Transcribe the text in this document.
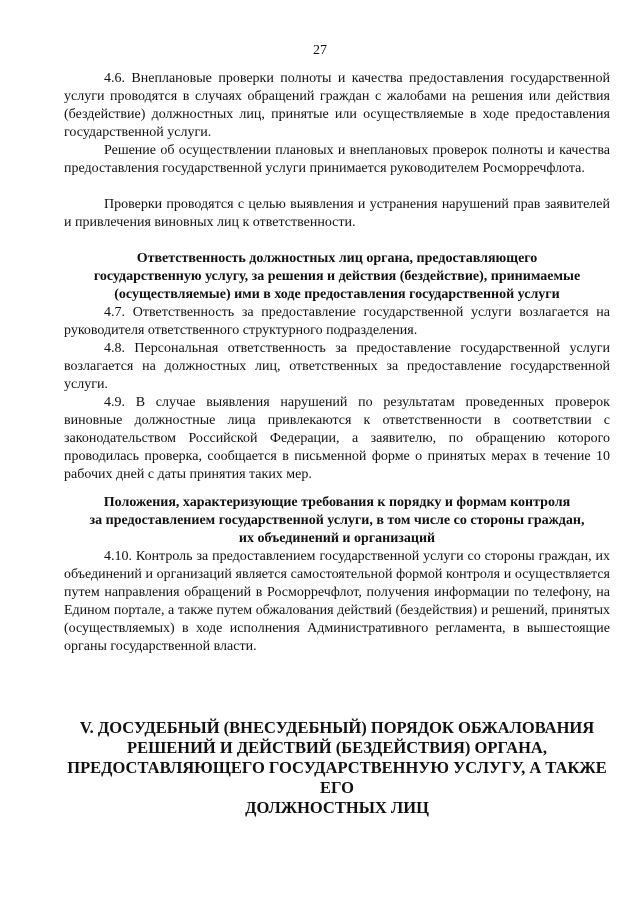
27

4.6. Внеплановые проверки полноты и качества предоставления государственной услуги проводятся в случаях обращений граждан с жалобами на решения или действия (бездействие) должностных лиц, принятые или осуществляемые в ходе предоставления государственной услуги.

Решение об осуществлении плановых и внеплановых проверок полноты и качества предоставления государственной услуги принимается руководителем Росморречфлота.

Проверки проводятся с целью выявления и устранения нарушений прав заявителей и привлечения виновных лиц к ответственности.

Ответственность должностных лиц органа, предоставляющего

государственную услугу, за решения и действия (бездействие), принимаемые

(осуществляемые) ими в ходе предоставления государственной услуги

4.7. Ответственность за предоставление государственной услуги возлагается на руководителя ответственного структурного подразделения.

4.8. Персональная ответственность за предоставление государственной услуги возлагается на должностных лиц, ответственных за предоставление государственной услуги.

4.9. В случае выявления нарушений по результатам проведенных проверок виновные должностные лица привлекаются к ответственности в соответствии с законодательством Российской Федерации, а заявителю, по обращению которого проводилась проверка, сообщается в письменной форме о принятых мерах в течение 10 рабочих дней с даты принятия таких мер.

Положения, характеризующие требования к порядку и формам контроля

за предоставлением государственной услуги, в том числе со стороны граждан,

их объединений и организаций

4.10. Контроль за предоставлением государственной услуги со стороны граждан, их объединений и организаций является самостоятельной формой контроля и осуществляется путем направления обращений в Росморречфлот, получения информации по телефону, на Едином портале, а также путем обжалования действий (бездействия) и решений, принятых (осуществляемых) в ходе исполнения Административного регламента, в вышестоящие органы государственной власти.

V. ДОСУДЕБНЫЙ (ВНЕСУДЕБНЫЙ) ПОРЯДОК ОБЖАЛОВАНИЯ

РЕШЕНИЙ И ДЕЙСТВИЙ (БЕЗДЕЙСТВИЯ) ОРГАНА,

ПРЕДОСТАВЛЯЮЩЕГО ГОСУДАРСТВЕННУЮ УСЛУГУ, А ТАКЖЕ ЕГО

ДОЛЖНОСТНЫХ ЛИЦ
